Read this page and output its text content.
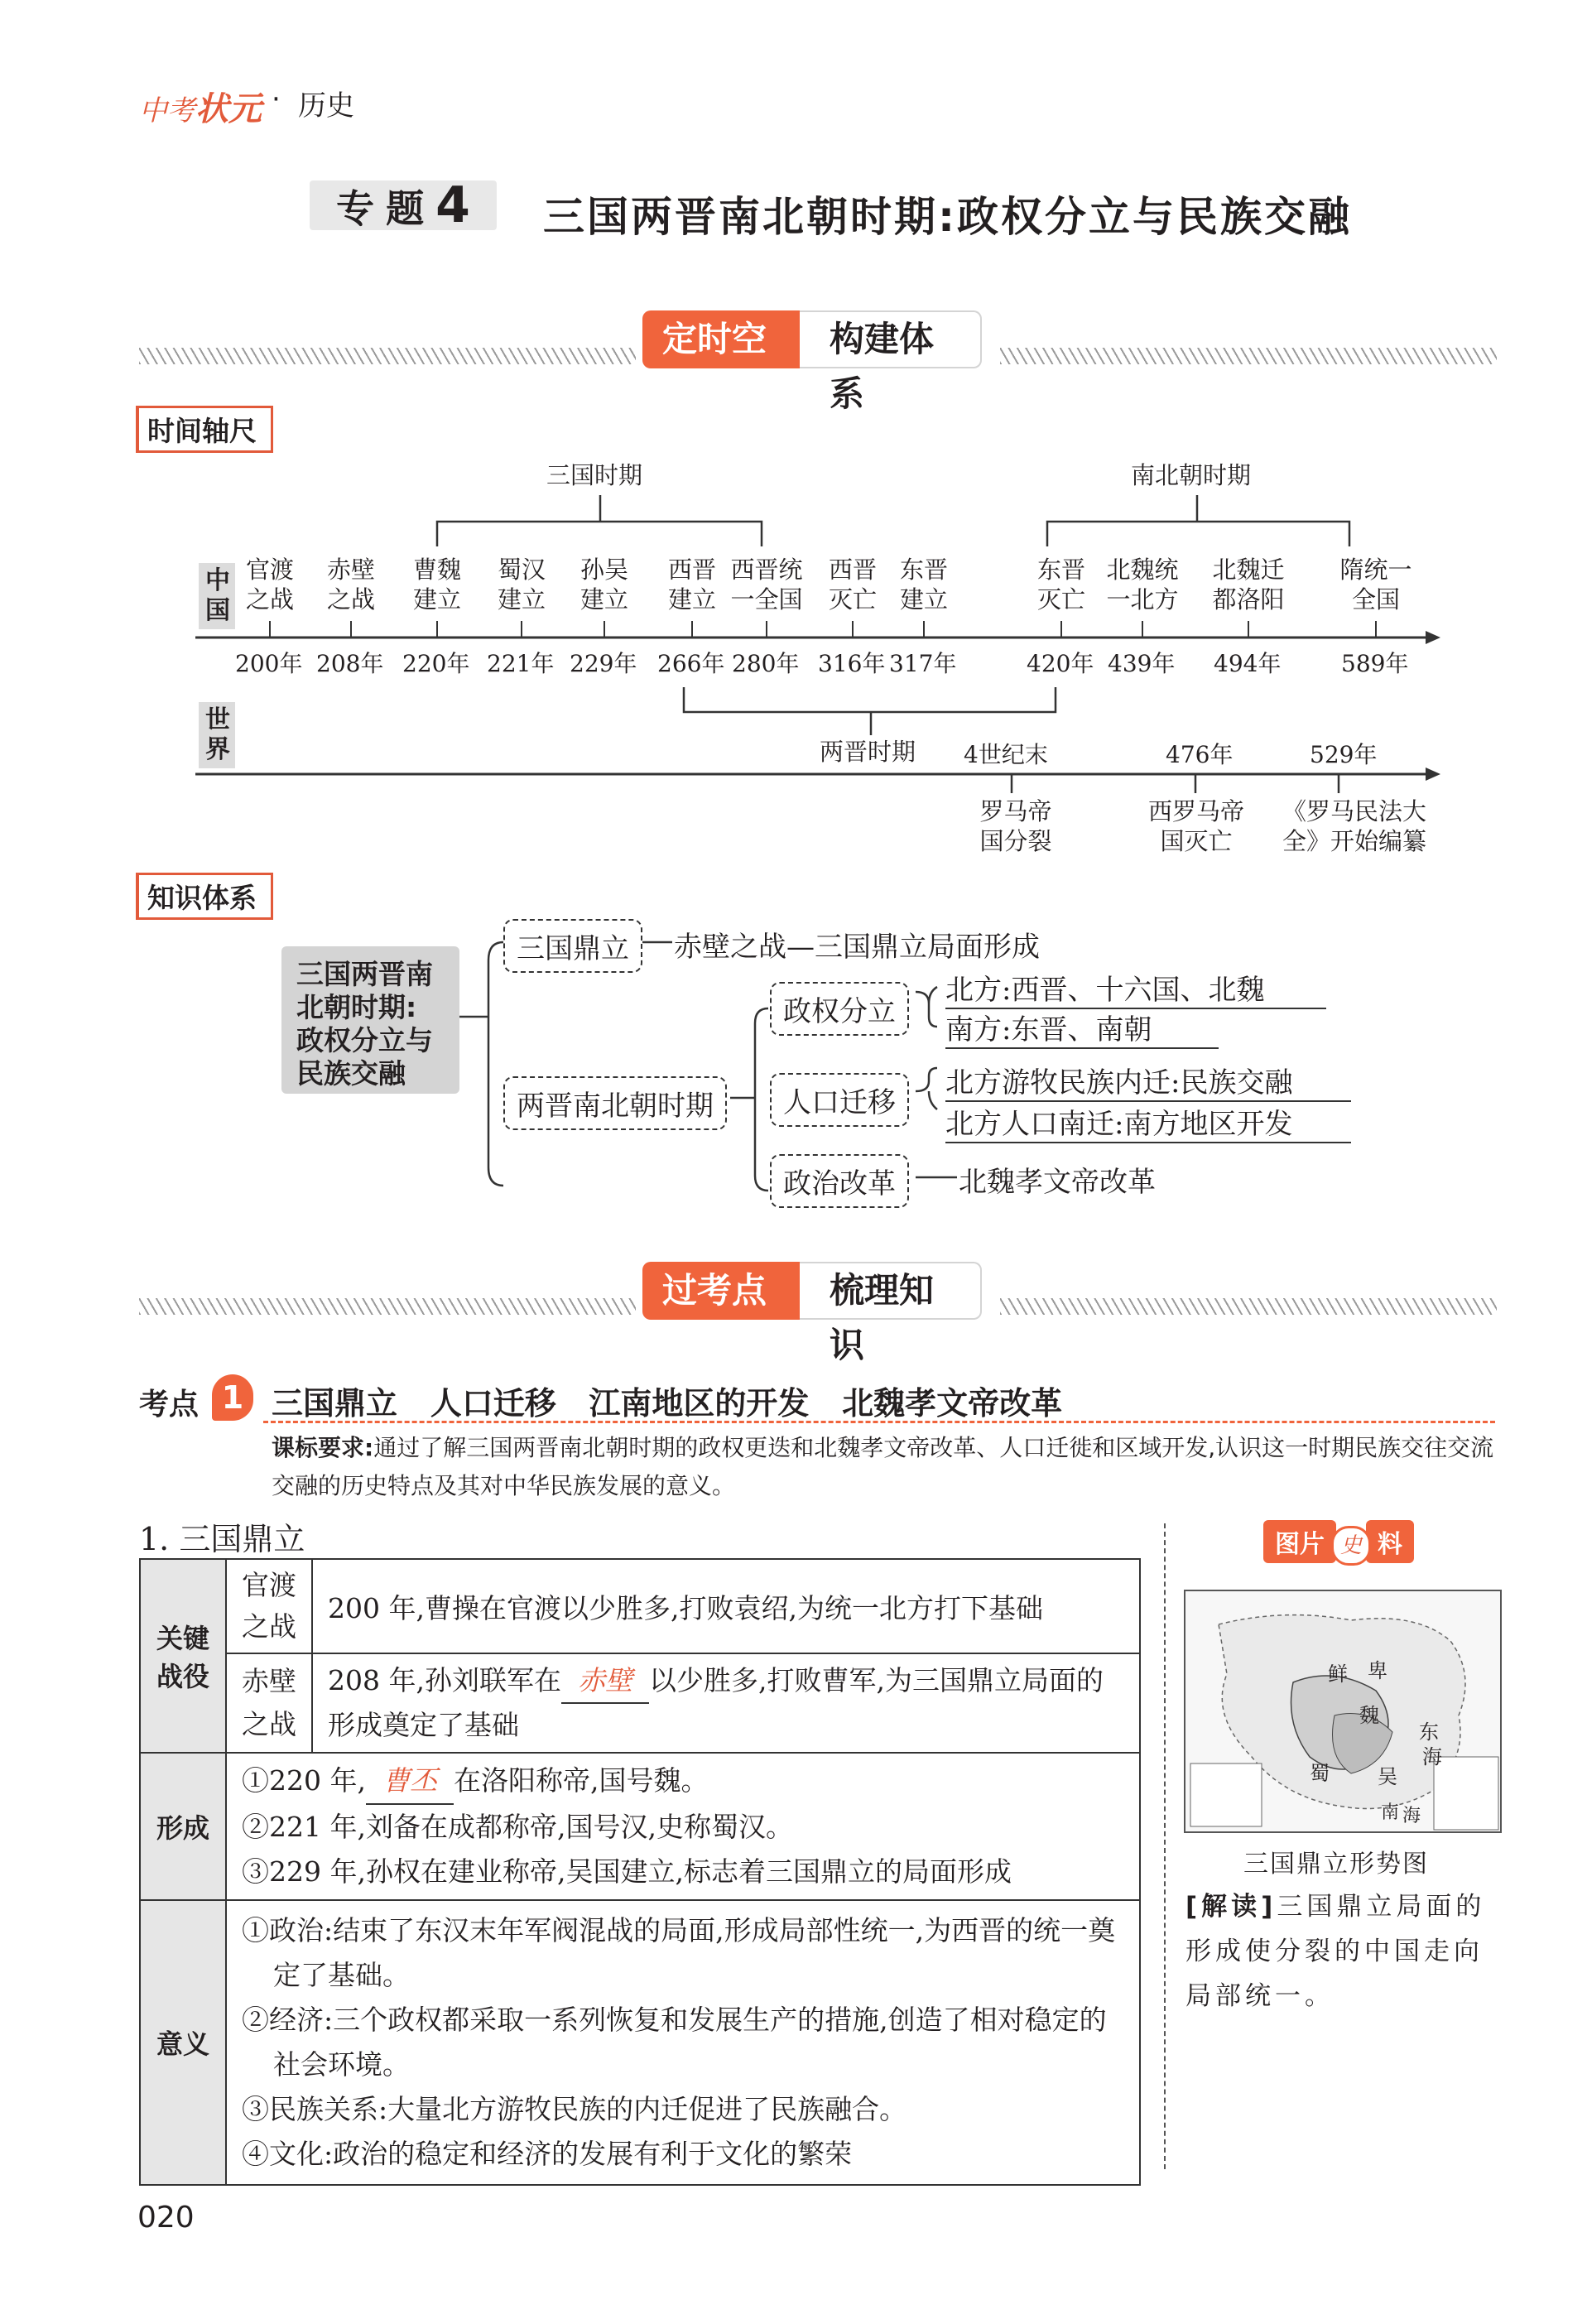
中考状元 · 历史
专题4	三国两晋南北朝时期:政权分立与民族交融
定时空	构建体系
时间轴尺
中国
世界
三国时期	南北朝时期
两晋时期
官渡
之战
200年
赤壁
之战
208年
曹魏
建立
220年
蜀汉
建立
221年
孙吴
建立
229年
西晋
建立
266年
西晋统
一全国
280年
西晋
灭亡
316年
东晋
建立
317年
东晋
灭亡
420年
北魏统
一北方
439年
北魏迁
都洛阳
494年
隋统一
全国
589年
4世纪末	476年	529年
罗马帝
国分裂
西罗马帝
国灭亡
《罗马民法大
全》开始编纂
知识体系
三国两晋南
北朝时期:
政权分立与
民族交融
三国鼎立	赤壁之战—三国鼎立局面形成
两晋南北朝时期
政权分立
北方:西晋、十六国、北魏
南方:东晋、南朝
人口迁移
北方游牧民族内迁:民族交融
北方人口南迁:南方地区开发
政治改革	北魏孝文帝改革
过考点	梳理知识
考点 1 三国鼎立   人口迁移   江南地区的开发   北魏孝文帝改革
课标要求:通过了解三国两晋南北朝时期的政权更迭和北魏孝文帝改革、人口迁徙和区域开发,认识这一时期民族交往交流交融的历史特点及其对中华民族发展的意义。
1. 三国鼎立
关键战役	官渡之战	200 年,曹操在官渡以少胜多,打败袁绍,为统一北方打下基础
	赤壁之战	208 年,孙刘联军在 赤壁 以少胜多,打败曹军,为三国鼎立局面的形成奠定了基础
形成	①220 年, 曹丕 在洛阳称帝,国号魏。
②221 年,刘备在成都称帝,国号汉,史称蜀汉。
③229 年,孙权在建业称帝,吴国建立,标志着三国鼎立的局面形成	

意义	①政治:结束了东汉末年军阀混战的局面,形成局部性统一,为西晋的统一奠定了基础。
②经济:三个政权都采取一系列恢复和发展生产的措施,创造了相对稳定的社会环境。
③民族关系:大量北方游牧民族的内迁促进了民族融合。
④文化:政治的稳定和经济的发展有利于文化的繁荣	
图片 史 料
鲜 卑
魏
蜀 吴
东
海
南 海
三国鼎立形势图
[解读]三国鼎立局面的形成使分裂的中国走向局部统一。
020
